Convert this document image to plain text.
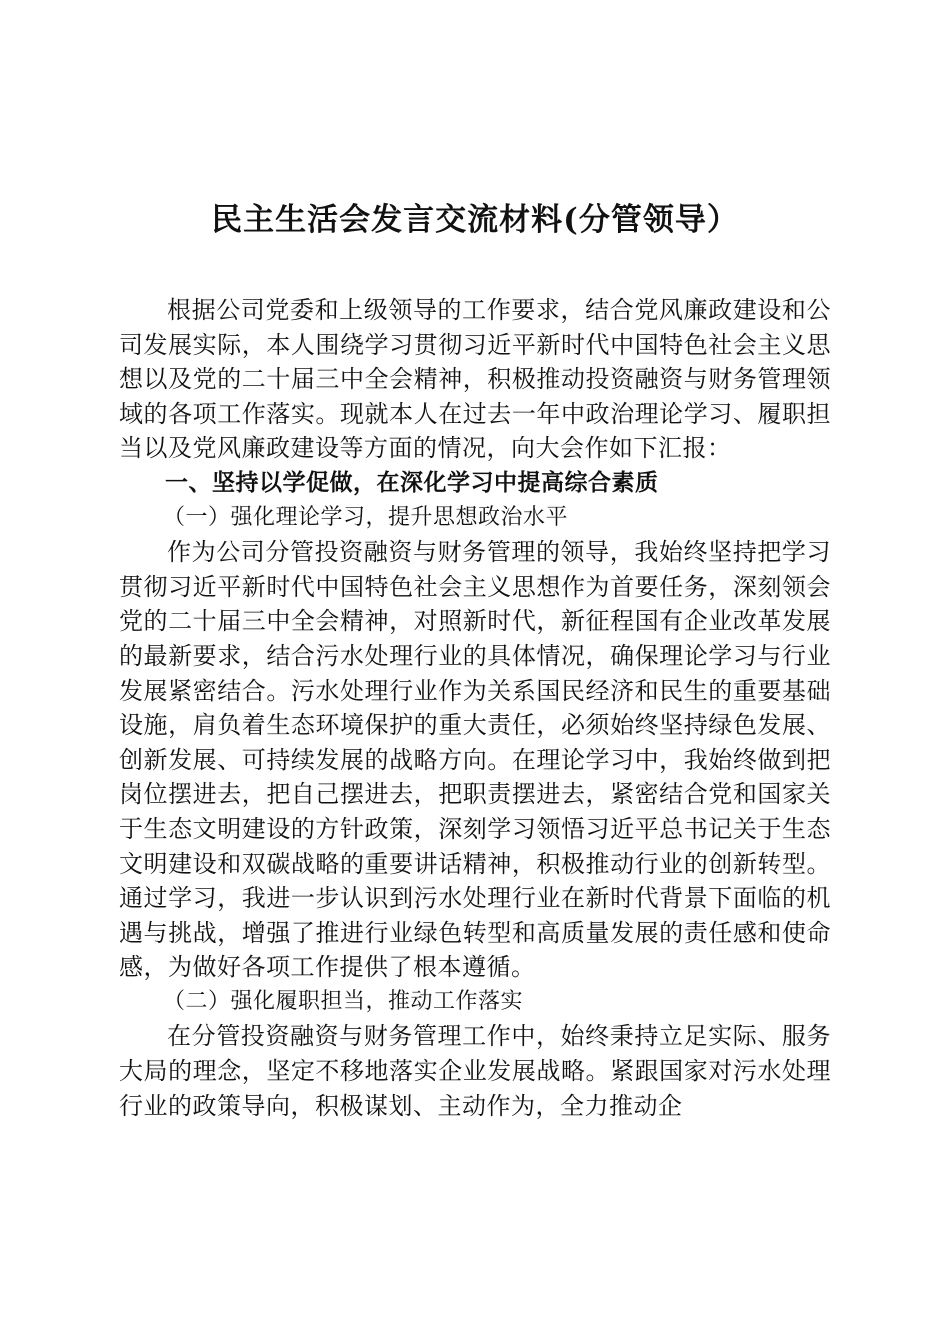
民主生活会发言交流材料(分管领导）

根据公司党委和上级领导的工作要求，结合党风廉政建设和公司发展实际，本人围绕学习贯彻习近平新时代中国特色社会主义思想以及党的二十届三中全会精神，积极推动投资融资与财务管理领域的各项工作落实。现就本人在过去一年中政治理论学习、履职担当以及党风廉政建设等方面的情况，向大会作如下汇报：

一、坚持以学促做，在深化学习中提高综合素质

（一）强化理论学习，提升思想政治水平

作为公司分管投资融资与财务管理的领导，我始终坚持把学习贯彻习近平新时代中国特色社会主义思想作为首要任务，深刻领会党的二十届三中全会精神，对照新时代，新征程国有企业改革发展的最新要求，结合污水处理行业的具体情况，确保理论学习与行业发展紧密结合。污水处理行业作为关系国民经济和民生的重要基础设施，肩负着生态环境保护的重大责任，必须始终坚持绿色发展、创新发展、可持续发展的战略方向。在理论学习中，我始终做到把岗位摆进去，把自己摆进去，把职责摆进去，紧密结合党和国家关于生态文明建设的方针政策，深刻学习领悟习近平总书记关于生态文明建设和双碳战略的重要讲话精神，积极推动行业的创新转型。通过学习，我进一步认识到污水处理行业在新时代背景下面临的机遇与挑战，增强了推进行业绿色转型和高质量发展的责任感和使命感，为做好各项工作提供了根本遵循。

（二）强化履职担当，推动工作落实

在分管投资融资与财务管理工作中，始终秉持立足实际、服务大局的理念，坚定不移地落实企业发展战略。紧跟国家对污水处理行业的政策导向，积极谋划、主动作为，全力推动企
